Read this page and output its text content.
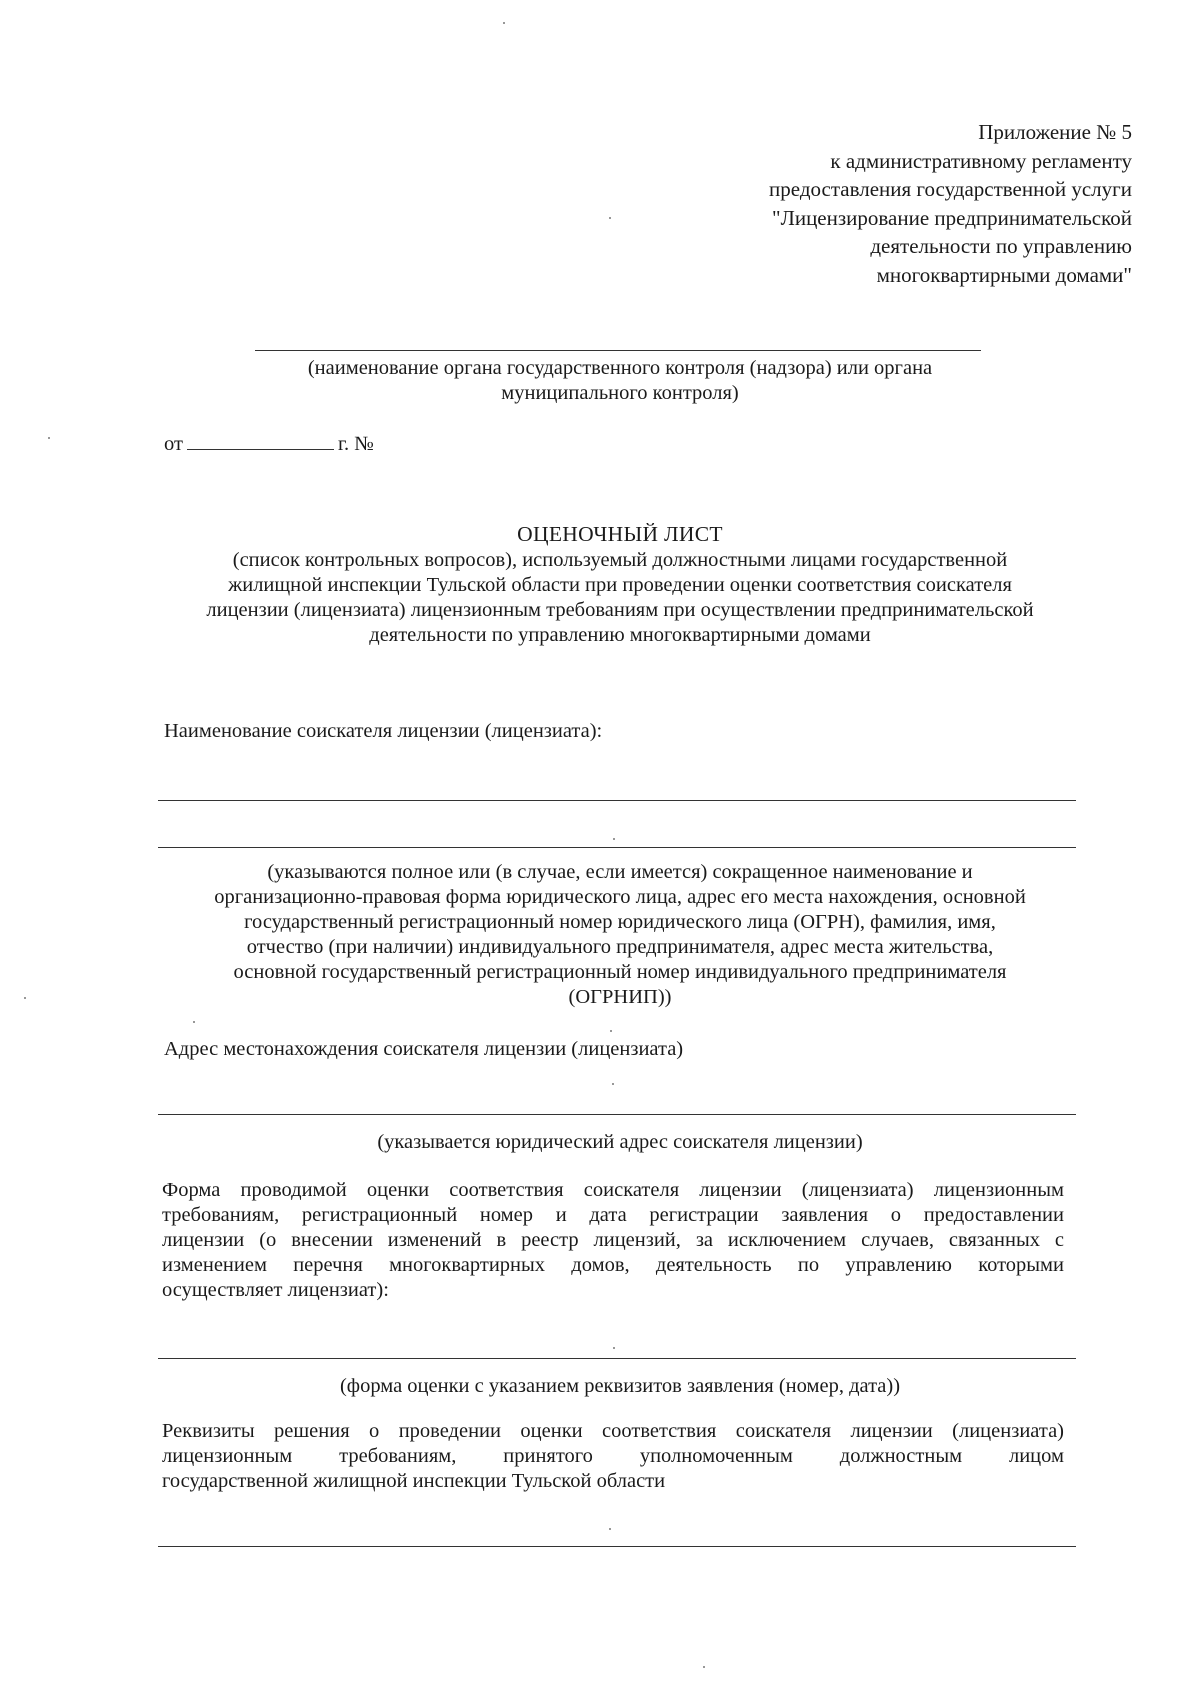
Приложение № 5
к административному регламенту
предоставления государственной услуги
"Лицензирование предпринимательской
деятельности по управлению
многоквартирными домами"
(наименование органа государственного контроля (надзора) или органа
муниципального контроля)
от	г. №
ОЦЕНОЧНЫЙ ЛИСТ
(список контрольных вопросов), используемый должностными лицами государственной
жилищной инспекции Тульской области при проведении оценки соответствия соискателя
лицензии (лицензиата) лицензионным требованиям при осуществлении предпринимательской
деятельности по управлению многоквартирными домами
Наименование соискателя лицензии (лицензиата):
(указываются полное или (в случае, если имеется) сокращенное наименование и
организационно-правовая форма юридического лица, адрес его места нахождения, основной
государственный регистрационный номер юридического лица (ОГРН), фамилия, имя,
отчество (при наличии) индивидуального предпринимателя, адрес места жительства,
основной государственный регистрационный номер индивидуального предпринимателя
(ОГРНИП))
Адрес местонахождения соискателя лицензии (лицензиата)
(указывается юридический адрес соискателя лицензии)
Форма проводимой оценки соответствия соискателя лицензии (лицензиата) лицензионным
требованиям, регистрационный номер и дата регистрации заявления о предоставлении
лицензии (о внесении изменений в реестр лицензий, за исключением случаев, связанных с
изменением перечня многоквартирных домов, деятельность по управлению которыми
осуществляет лицензиат):
(форма оценки с указанием реквизитов заявления (номер, дата))
Реквизиты решения о проведении оценки соответствия соискателя лицензии (лицензиата)
лицензионным требованиям, принятого уполномоченным должностным лицом
государственной жилищной инспекции Тульской области
